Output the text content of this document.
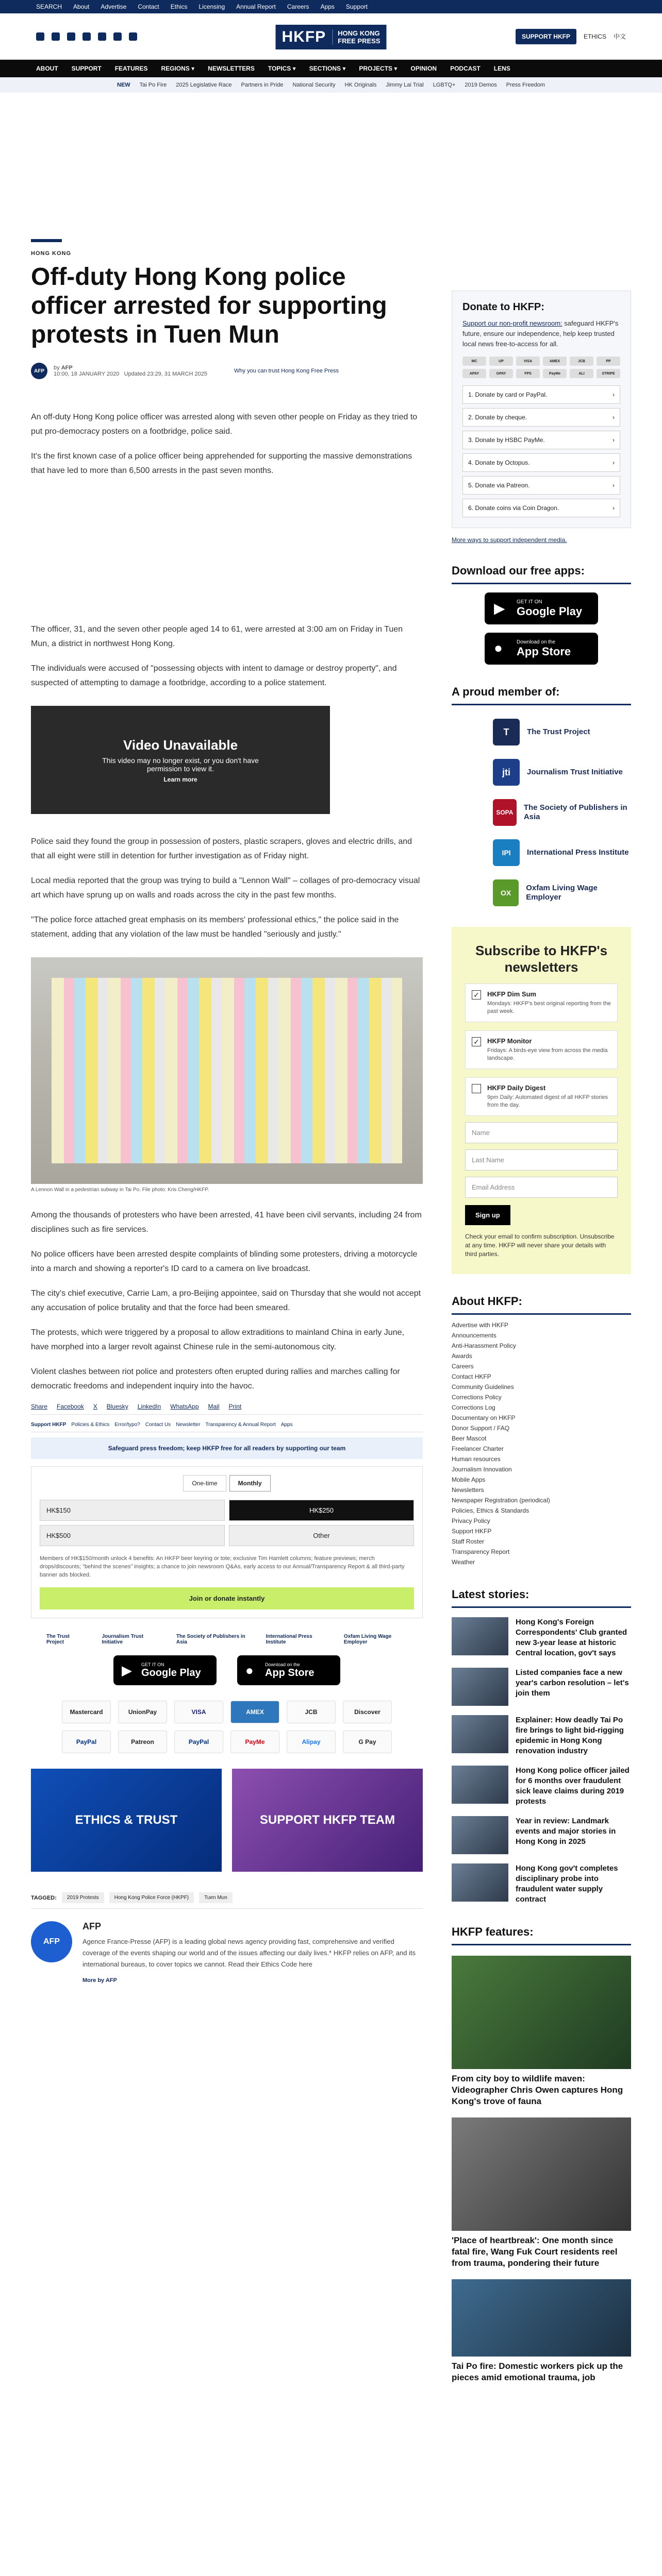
SEARCH About Advertise Contact Ethics Licensing Annual Report Careers Apps Support
HKFP	HONG KONG
FREE PRESS
SUPPORT HKFP	ETHICS 中文
ABOUT SUPPORT FEATURES REGIONS ▾ NEWSLETTERS TOPICS ▾ SECTIONS ▾ PROJECTS ▾ OPINION PODCAST LENS
NEW Tai Po Fire 2025 Legislative Race Partners in Pride National Security HK Originals Jimmy Lai Trial LGBTQ+ 2019 Demos Press Freedom
HONG KONG
Off-duty Hong Kong police officer arrested for supporting protests in Tuen Mun
AFP	by AFP
10:00, 18 JANUARY 2020 Updated 23:29, 31 MARCH 2025	Why you can trust Hong Kong Free Press

An off-duty Hong Kong police officer was arrested along with seven other people on Friday as they tried to put pro-democracy posters on a footbridge, police said.

It's the first known case of a police officer being apprehended for supporting the massive demonstrations that have led to more than 6,500 arrests in the past seven months.

The officer, 31, and the seven other people aged 14 to 61, were arrested at 3:00 am on Friday in Tuen Mun, a district in northwest Hong Kong.

The individuals were accused of "possessing objects with intent to damage or destroy property", and suspected of attempting to damage a footbridge, according to a police statement.

Video Unavailable
This video may no longer exist, or you don't have permission to view it.
Learn more

Police said they found the group in possession of posters, plastic scrapers, gloves and electric drills, and that all eight were still in detention for further investigation as of Friday night.

Local media reported that the group was trying to build a "Lennon Wall" – collages of pro-democracy visual art which have sprung up on walls and roads across the city in the past few months.

"The police force attached great emphasis on its members' professional ethics," the police said in the statement, adding that any violation of the law must be handled "seriously and justly."

A Lennon Wall in a pedestrian subway in Tai Po. File photo: Kris Cheng/HKFP.

Among the thousands of protesters who have been arrested, 41 have been civil servants, including 24 from disciplines such as fire services.

No police officers have been arrested despite complaints of blinding some protesters, driving a motorcycle into a march and showing a reporter's ID card to a camera on live broadcast.

The city's chief executive, Carrie Lam, a pro-Beijing appointee, said on Thursday that she would not accept any accusation of police brutality and that the force had been smeared.

The protests, which were triggered by a proposal to allow extraditions to mainland China in early June, have morphed into a larger revolt against Chinese rule in the semi-autonomous city.

Violent clashes between riot police and protesters often erupted during rallies and marches calling for democratic freedoms and independent inquiry into the havoc.

Share Facebook X Bluesky LinkedIn WhatsApp Mail Print
Support HKFP Policies & Ethics Error/typo? Contact Us Newsletter Transparency & Annual Report Apps
Safeguard press freedom; keep HKFP free for all readers by supporting our team
One-time	Monthly
HK$150	HK$250
HK$500	Other
Members of HK$150/month unlock 4 benefits: An HKFP beer keyring or tote; exclusive Tim Hamlett columns; feature previews; merch drops/discounts; "behind the scenes" insights; a chance to join newsroom Q&As, early access to our Annual/Transparency Report & all third-party banner ads blocked.
Join or donate instantly
The Trust Project
Journalism Trust Initiative
The Society of Publishers in Asia
International Press Institute
Oxfam Living Wage Employer
▶ GET IT ON
Google Play	● Download on the
App Store
Mastercard	UnionPay	VISA	AMEX	JCB	Discover
PayPal	Patreon	PayPal	PayMe	Alipay	G Pay
ETHICS & TRUST	SUPPORT HKFP TEAM
TAGGED:	2019 Protests	Hong Kong Police Force (HKPF)	Tuen Mun
AFP
AFP
Agence France-Presse (AFP) is a leading global news agency providing fast, comprehensive and verified coverage of the events shaping our world and of the issues affecting our daily lives.* HKFP relies on AFP, and its international bureaus, to cover topics we cannot. Read their Ethics Code here
More by AFP
Donate to HKFP:
Support our non-profit newsroom: safeguard HKFP's future, ensure our independence, help keep trusted local news free-to-access for all.
MC	UP	VISA	AMEX	JCB	PP
APAY	GPAY	FPS	PayMe	ALI	STRIPE
1. Donate by card or PayPal.	›
2. Donate by cheque.	›
3. Donate by HSBC PayMe.	›
4. Donate by Octopus.	›
5. Donate via Patreon.	›
6. Donate coins via Coin Dragon.	›
More ways to support independent media.
Download our free apps:
▶ GET IT ON
Google Play
●	Download on the
App Store
A proud member of:
T	The Trust Project
jti	Journalism Trust Initiative
SOPA
The Society of Publishers in Asia
IPI	International Press Institute
OX
Oxfam Living Wage Employer
Subscribe to HKFP's newsletters
✓ HKFP Dim Sum
Mondays: HKFP's best original reporting from the past week.
✓ HKFP Monitor
Fridays: A birds-eye view from across the media landscape.
HKFP Daily Digest
9pm Daily: Automated digest of all HKFP stories from the day.
Name
Last Name
Email Address
Sign up
Check your email to confirm subscription. Unsubscribe at any time. HKFP will never share your details with third parties.
About HKFP:
Advertise with HKFP
Announcements
Anti-Harassment Policy
Awards
Careers
Contact HKFP
Community Guidelines
Corrections Policy
Corrections Log
Documentary on HKFP
Donor Support / FAQ
Beer Mascot
Freelancer Charter
Human resources
Journalism Innovation
Mobile Apps
Newsletters
Newspaper Registration (periodical)
Policies, Ethics & Standards
Privacy Policy
Support HKFP
Staff Roster
Transparency Report
Weather
Latest stories:
Hong Kong's Foreign Correspondents' Club granted new 3-year lease at historic Central location, gov't says
Listed companies face a new year's carbon resolution – let's join them
Explainer: How deadly Tai Po fire brings to light bid-rigging epidemic in Hong Kong renovation industry
Hong Kong police officer jailed for 6 months over fraudulent sick leave claims during 2019 protests
Year in review: Landmark events and major stories in Hong Kong in 2025
Hong Kong gov't completes disciplinary probe into fraudulent water supply contract
HKFP features:
From city boy to wildlife maven: Videographer Chris Owen captures Hong Kong's trove of fauna
'Place of heartbreak': One month since fatal fire, Wang Fuk Court residents reel from trauma, pondering their future
Tai Po fire: Domestic workers pick up the pieces amid emotional trauma, job
